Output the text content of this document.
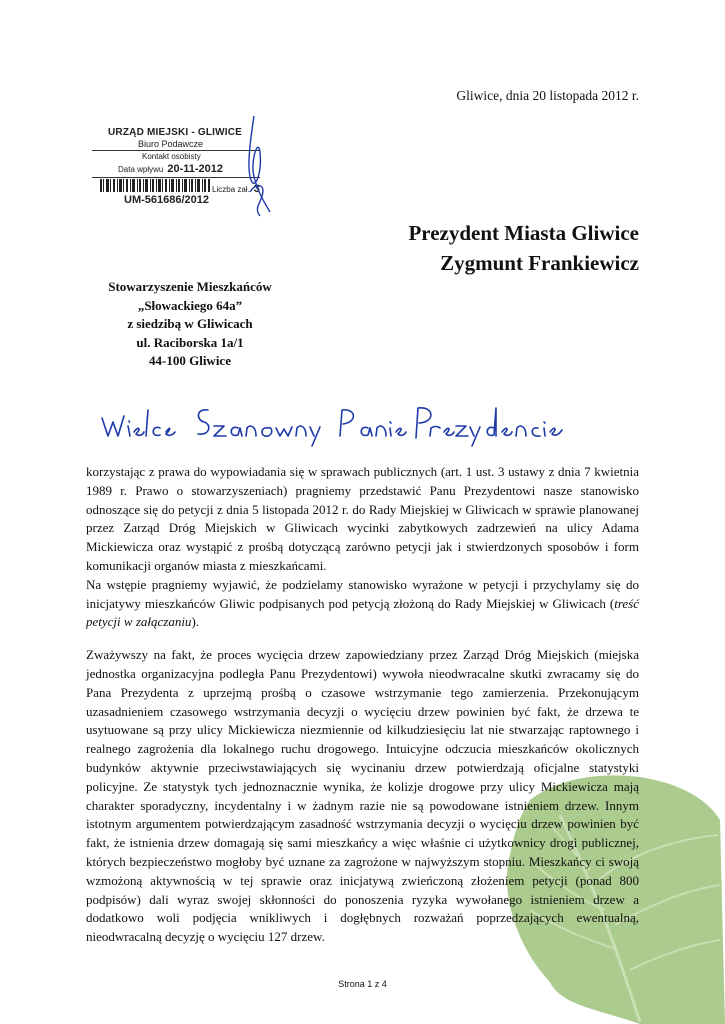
Gliwice, dnia 20 listopada 2012 r.
URZĄD MIEJSKI - GLIWICE
Biuro Podawcze
Kontakt osobisty
Data wpływu 20-11-2012
Liczba zał. 3
UM-561686/2012
Prezydent Miasta Gliwice
Zygmunt Frankiewicz
Stowarzyszenie Mieszkańców
„Słowackiego 64a”
z siedzibą w Gliwicach
ul. Raciborska 1a/1
44-100 Gliwice

korzystając z prawa do wypowiadania się w sprawach publicznych (art. 1 ust. 3 ustawy z dnia 7 kwietnia 1989 r. Prawo o stowarzyszeniach) pragniemy przedstawić Panu Prezydentowi nasze stanowisko odnoszące się do petycji z dnia 5 listopada 2012 r. do Rady Miejskiej w Gliwicach w sprawie planowanej przez Zarząd Dróg Miejskich w Gliwicach wycinki zabytkowych zadrzewień na ulicy Adama Mickiewicza oraz wystąpić z prośbą dotyczącą zarówno petycji jak i stwierdzonych sposobów i form komunikacji organów miasta z mieszkańcami.

Na wstępie pragniemy wyjawić, że podzielamy stanowisko wyrażone w petycji i przychylamy się do inicjatywy mieszkańców Gliwic podpisanych pod petycją złożoną do Rady Miejskiej w Gliwicach (treść petycji w załączaniu).

Zważywszy na fakt, że proces wycięcia drzew zapowiedziany przez Zarząd Dróg Miejskich (miejska jednostka organizacyjna podległa Panu Prezydentowi) wywoła nieodwracalne skutki zwracamy się do Pana Prezydenta z uprzejmą prośbą o czasowe wstrzymanie tego zamierzenia. Przekonującym uzasadnieniem czasowego wstrzymania decyzji o wycięciu drzew powinien być fakt, że drzewa te usytuowane są przy ulicy Mickiewicza niezmiennie od kilkudziesięciu lat nie stwarzając raptownego i realnego zagrożenia dla lokalnego ruchu drogowego. Intuicyjne odczucia mieszkańców okolicznych budynków aktywnie przeciwstawiających się wycinaniu drzew potwierdzają oficjalne statystyki policyjne. Ze statystyk tych jednoznacznie wynika, że kolizje drogowe przy ulicy Mickiewicza mają charakter sporadyczny, incydentalny i w żadnym razie nie są powodowane istnieniem drzew. Innym istotnym argumentem potwierdzającym zasadność wstrzymania decyzji o wycięciu drzew powinien być fakt, że istnienia drzew domagają się sami mieszkańcy a więc właśnie ci użytkownicy drogi publicznej, których bezpieczeństwo mogłoby być uznane za zagrożone w najwyższym stopniu. Mieszkańcy ci swoją wzmożoną aktywnością w tej sprawie oraz inicjatywą zwieńczoną złożeniem petycji (ponad 800 podpisów) dali wyraz swojej skłonności do ponoszenia ryzyka wywołanego istnieniem drzew a dodatkowo woli podjęcia wnikliwych i dogłębnych rozważań poprzedzających ewentualną, nieodwracalną decyzję o wycięciu 127 drzew.

Strona 1 z 4
